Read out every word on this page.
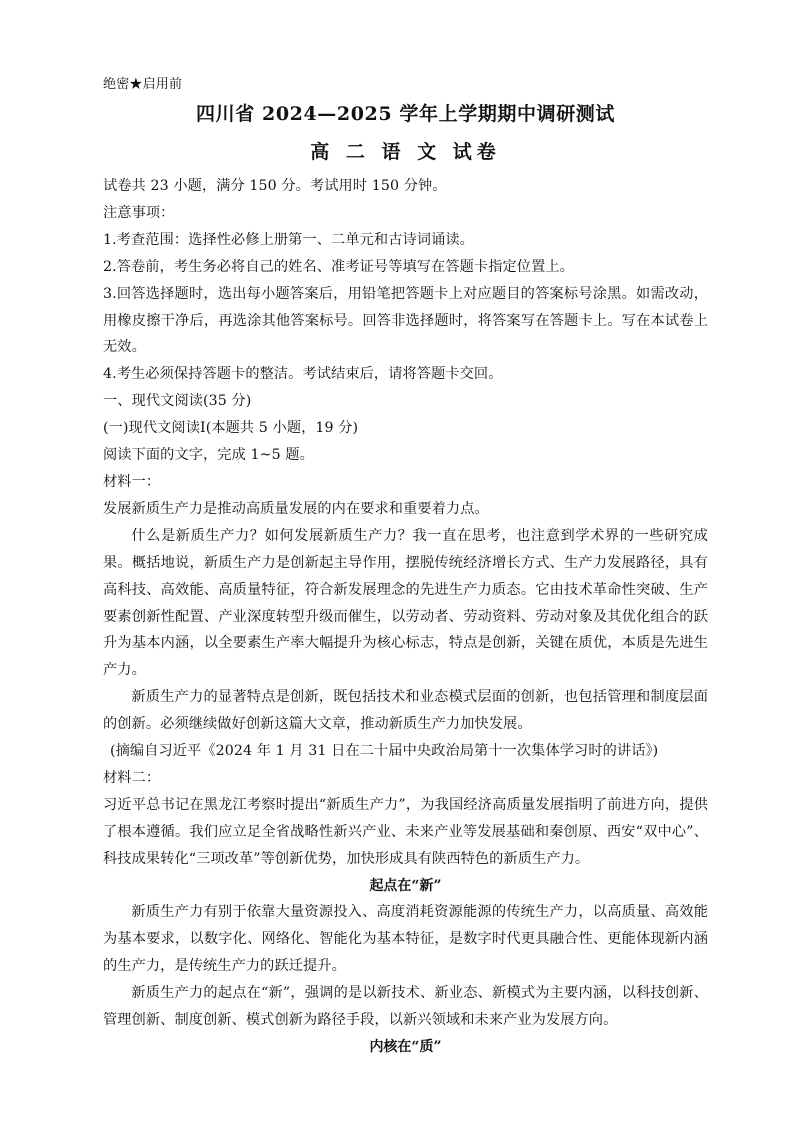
绝密★启用前

四川省 2024—2025 学年上学期期中调研测试
高 二 语 文 试卷

试卷共 23 小题，满分 150 分。考试用时 150 分钟。

注意事项：

1.考查范围：选择性必修上册第一、二单元和古诗词诵读。

2.答卷前，考生务必将自己的姓名、准考证号等填写在答题卡指定位置上。

3.回答选择题时，选出每小题答案后，用铅笔把答题卡上对应题目的答案标号涂黑。如需改动，用橡皮擦干净后，再选涂其他答案标号。回答非选择题时，将答案写在答题卡上。写在本试卷上无效。

4.考生必须保持答题卡的整洁。考试结束后，请将答题卡交回。

一、现代文阅读(35 分)

(一)现代文阅读Ⅰ(本题共 5 小题，19 分)

阅读下面的文字，完成 1~5 题。

材料一：

发展新质生产力是推动高质量发展的内在要求和重要着力点。

什么是新质生产力？如何发展新质生产力？我一直在思考，也注意到学术界的一些研究成果。概括地说，新质生产力是创新起主导作用，摆脱传统经济增长方式、生产力发展路径，具有高科技、高效能、高质量特征，符合新发展理念的先进生产力质态。它由技术革命性突破、生产要素创新性配置、产业深度转型升级而催生，以劳动者、劳动资料、劳动对象及其优化组合的跃升为基本内涵，以全要素生产率大幅提升为核心标志，特点是创新，关键在质优，本质是先进生产力。

新质生产力的显著特点是创新，既包括技术和业态模式层面的创新，也包括管理和制度层面的创新。必须继续做好创新这篇大文章，推动新质生产力加快发展。

(摘编自习近平《2024 年 1 月 31 日在二十届中央政治局第十一次集体学习时的讲话》)

材料二：

习近平总书记在黑龙江考察时提出“新质生产力”，为我国经济高质量发展指明了前进方向，提供了根本遵循。我们应立足全省战略性新兴产业、未来产业等发展基础和秦创原、西安“双中心”、科技成果转化“三项改革”等创新优势，加快形成具有陕西特色的新质生产力。

起点在“新”

新质生产力有别于依靠大量资源投入、高度消耗资源能源的传统生产力，以高质量、高效能为基本要求，以数字化、网络化、智能化为基本特征，是数字时代更具融合性、更能体现新内涵的生产力，是传统生产力的跃迁提升。

新质生产力的起点在“新”，强调的是以新技术、新业态、新模式为主要内涵，以科技创新、管理创新、制度创新、模式创新为路径手段，以新兴领域和未来产业为发展方向。

内核在“质”
